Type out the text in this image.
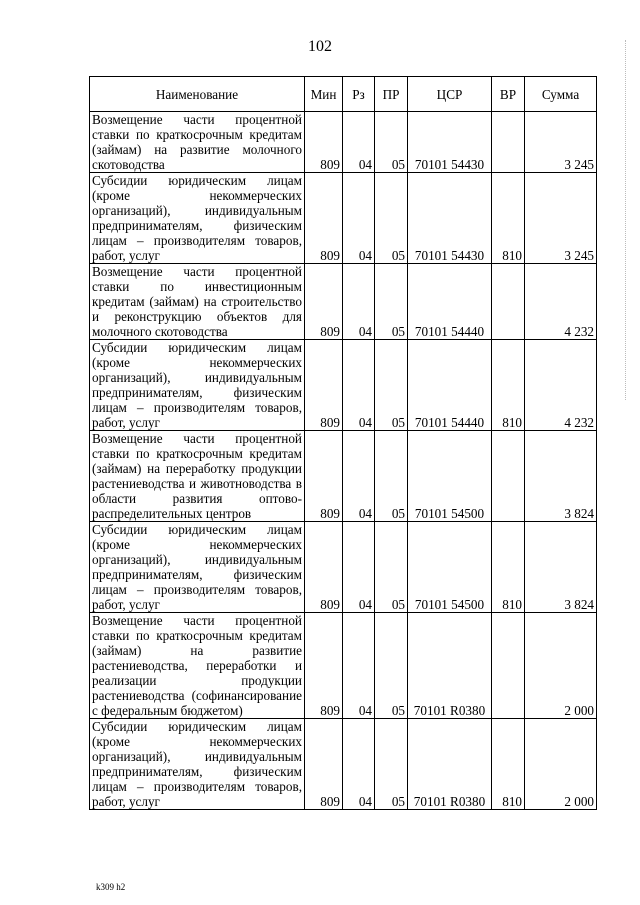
102
Наименование	Мин	Рз	ПР	ЦСР	ВР	Сумма
Возмещение части процентной ставки по краткосрочным кредитам (займам) на развитие молочного скотоводства	809	04	05	70101 54430		3 245
Субсидии юридическим лицам (кроме некоммерческих организаций), индивидуальным предпринимателям, физическим лицам – производителям товаров, работ, услуг	809	04	05	70101 54430	810	3 245
Возмещение части процентной ставки по инвестиционным кредитам (займам) на строительство и реконструкцию объектов для молочного скотоводства	809	04	05	70101 54440		4 232
Субсидии юридическим лицам (кроме некоммерческих организаций), индивидуальным предпринимателям, физическим лицам – производителям товаров, работ, услуг	809	04	05	70101 54440	810	4 232
Возмещение части процентной ставки по краткосрочным кредитам (займам) на переработку продукции растениеводства и животноводства в области развития оптово-распределительных центров	809	04	05	70101 54500		3 824
Субсидии юридическим лицам (кроме некоммерческих организаций), индивидуальным предпринимателям, физическим лицам – производителям товаров, работ, услуг	809	04	05	70101 54500	810	3 824
Возмещение части процентной ставки по краткосрочным кредитам (займам) на развитие растениеводства, переработки и реализации продукции растениеводства (софинансирование с федеральным бюджетом)	809	04	05	70101 R0380		2 000
Субсидии юридическим лицам (кроме некоммерческих организаций), индивидуальным предпринимателям, физическим лицам – производителям товаров, работ, услуг	809	04	05	70101 R0380	810	2 000
k309 h2
